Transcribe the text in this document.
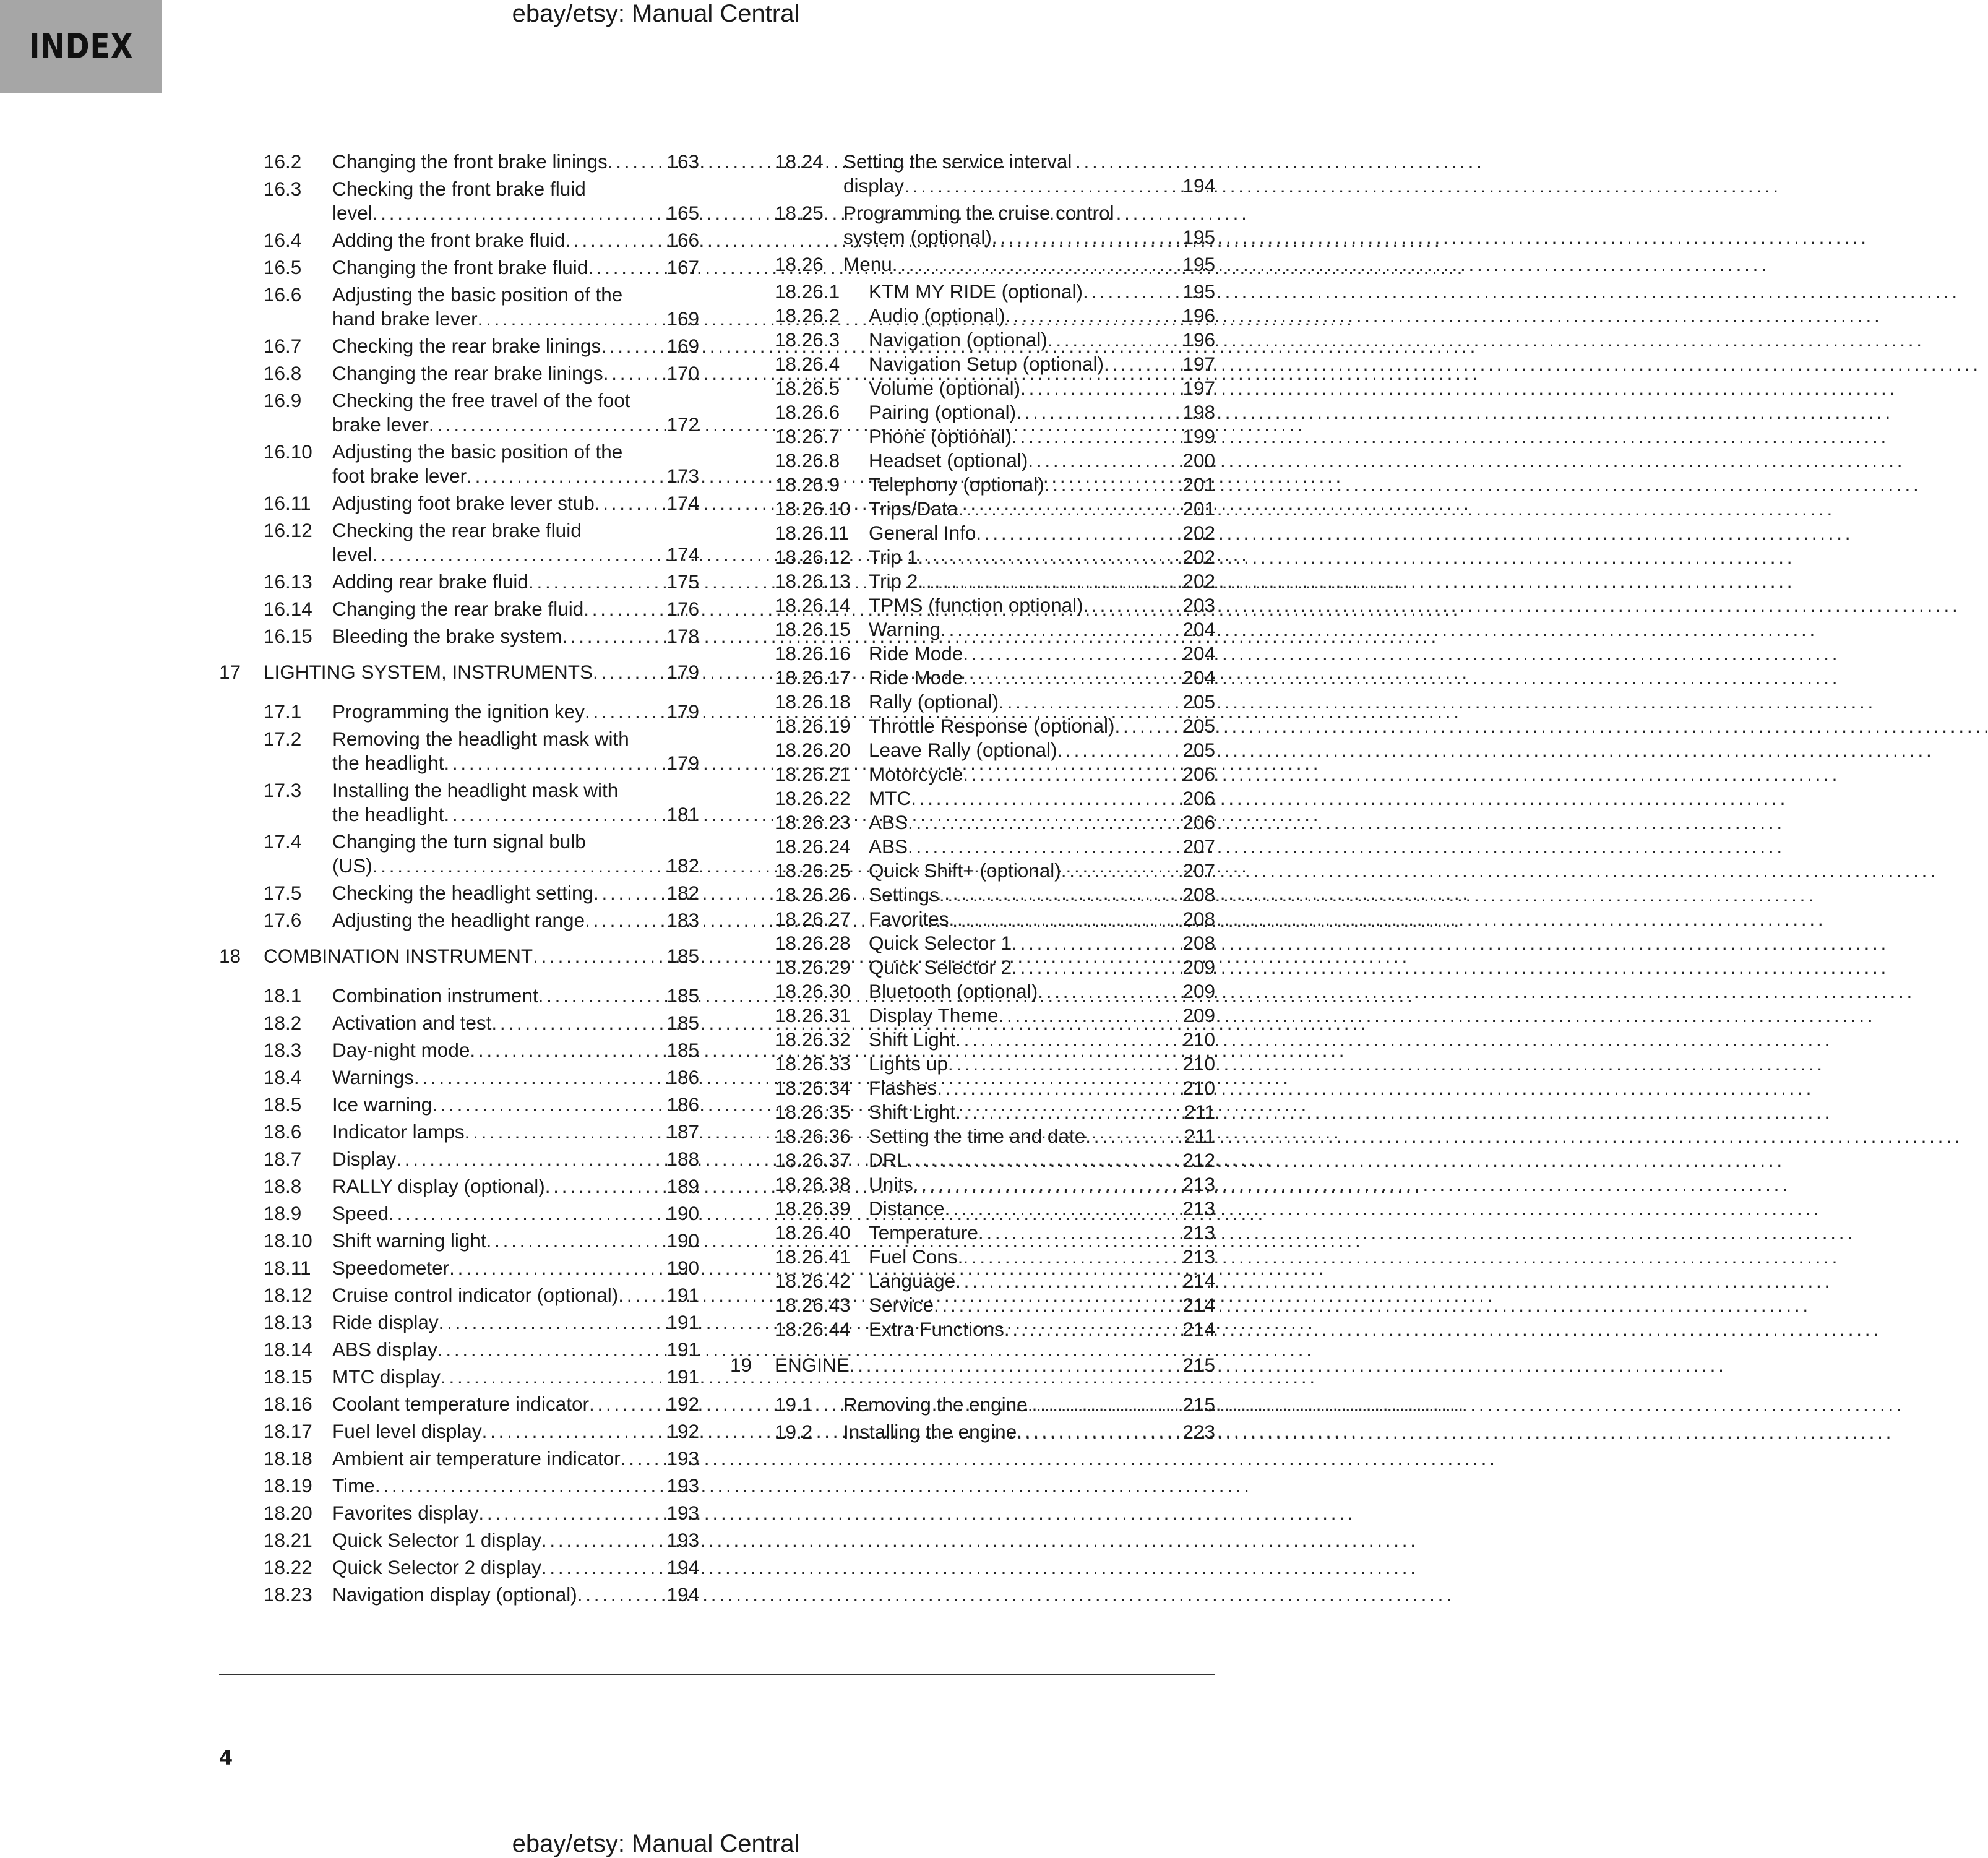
INDEX
ebay/etsy: Manual Central
16.2	Changing the front brake linings . . .	163
16.3	Checking the front brake fluid
level . . .	165
16.4	Adding the front brake fluid . . .	166
16.5	Changing the front brake fluid . . .	167
16.6	Adjusting the basic position of the
hand brake lever . . .	169
16.7	Checking the rear brake linings . . .	169
16.8	Changing the rear brake linings . . .	170
16.9	Checking the free travel of the foot
brake lever . . .	172
16.10	Adjusting the basic position of the
foot brake lever . . .	173
16.11	Adjusting foot brake lever stub . . .	174
16.12	Checking the rear brake fluid
level . . .	174
16.13	Adding rear brake fluid . . .	175
16.14	Changing the rear brake fluid . . .	176
16.15	Bleeding the brake system . . .	178
17	LIGHTING SYSTEM, INSTRUMENTS . . .	179
17.1	Programming the ignition key . . .	179
17.2	Removing the headlight mask with
the headlight . . .	179
17.3	Installing the headlight mask with
the headlight . . .	181
17.4	Changing the turn signal bulb
(US) . . .	182
17.5	Checking the headlight setting . . .	182
17.6	Adjusting the headlight range . . .	183
18	COMBINATION INSTRUMENT . . .	185
18.1	Combination instrument . . .	185
18.2	Activation and test . . .	185
18.3	Day-night mode . . .	185
18.4	Warnings . . .	186
18.5	Ice warning . . .	186
18.6	Indicator lamps . . .	187
18.7	Display . . .	188
18.8	RALLY display (optional) . . .	189
18.9	Speed . . .	190
18.10	Shift warning light . . .	190
18.11	Speedometer . . .	190
18.12	Cruise control indicator (optional) . . .	191
18.13	Ride display . . .	191
18.14	ABS display . . .	191
18.15	MTC display . . .	191
18.16	Coolant temperature indicator . . .	192
18.17	Fuel level display . . .	192
18.18	Ambient air temperature indicator . . .	193
18.19	Time . . .	193
18.20	Favorites display . . .	193
18.21	Quick Selector 1 display . . .	193
18.22	Quick Selector 2 display . . .	194
18.23	Navigation display (optional) . . .	194
18.24	Setting the service interval
display . . .	194
18.25	Programming the cruise control
system (optional) . . .	195
18.26	Menu . . .	195
18.26.1	KTM MY RIDE (optional) . . .	195
18.26.2	Audio (optional) . . .	196
18.26.3	Navigation (optional) . . .	196
18.26.4	Navigation Setup (optional) . . .	197
18.26.5	Volume (optional) . . .	197
18.26.6	Pairing (optional) . . .	198
18.26.7	Phone (optional) . . .	199
18.26.8	Headset (optional) . . .	200
18.26.9	Telephony (optional) . . .	201
18.26.10 Trips/Data . . .	201
18.26.11	General Info . . .	202
18.26.12 Trip 1 . . .	202
18.26.13 Trip 2 . . .	202
18.26.14 TPMS (function optional) . . .	203
18.26.15 Warning . . .	204
18.26.16 Ride Mode . . .	204
18.26.17 Ride Mode . . .	204
18.26.18 Rally (optional) . . .	205
18.26.19 Throttle Response (optional) . . .	205
18.26.20 Leave Rally (optional) . . .	205
18.26.21 Motorcycle . . .	206
18.26.22 MTC . . .	206
18.26.23 ABS . . .	206
18.26.24 ABS . . .	207
18.26.25 Quick Shift+ (optional) . . .	207
18.26.26 Settings . . .	208
18.26.27 Favorites . . .	208
18.26.28 Quick Selector 1 . . .	208
18.26.29 Quick Selector 2 . . .	209
18.26.30 Bluetooth (optional) . . .	209
18.26.31 Display Theme . . .	209
18.26.32 Shift Light . . .	210
18.26.33 Lights up . . .	210
18.26.34 Flashes . . .	210
18.26.35 Shift Light . . .	211
18.26.36 Setting the time and date . . .	211
18.26.37 DRL . . .	212
18.26.38 Units . . .	213
18.26.39 Distance . . .	213
18.26.40 Temperature . . .	213
18.26.41 Fuel Cons. . . .	213
18.26.42 Language . . .	214
18.26.43 Service . . .	214
18.26.44 Extra Functions . . .	214
19	ENGINE . . .	215
19.1	Removing the engine . . .	215
19.2	Installing the engine . . .	223
4
ebay/etsy: Manual Central
